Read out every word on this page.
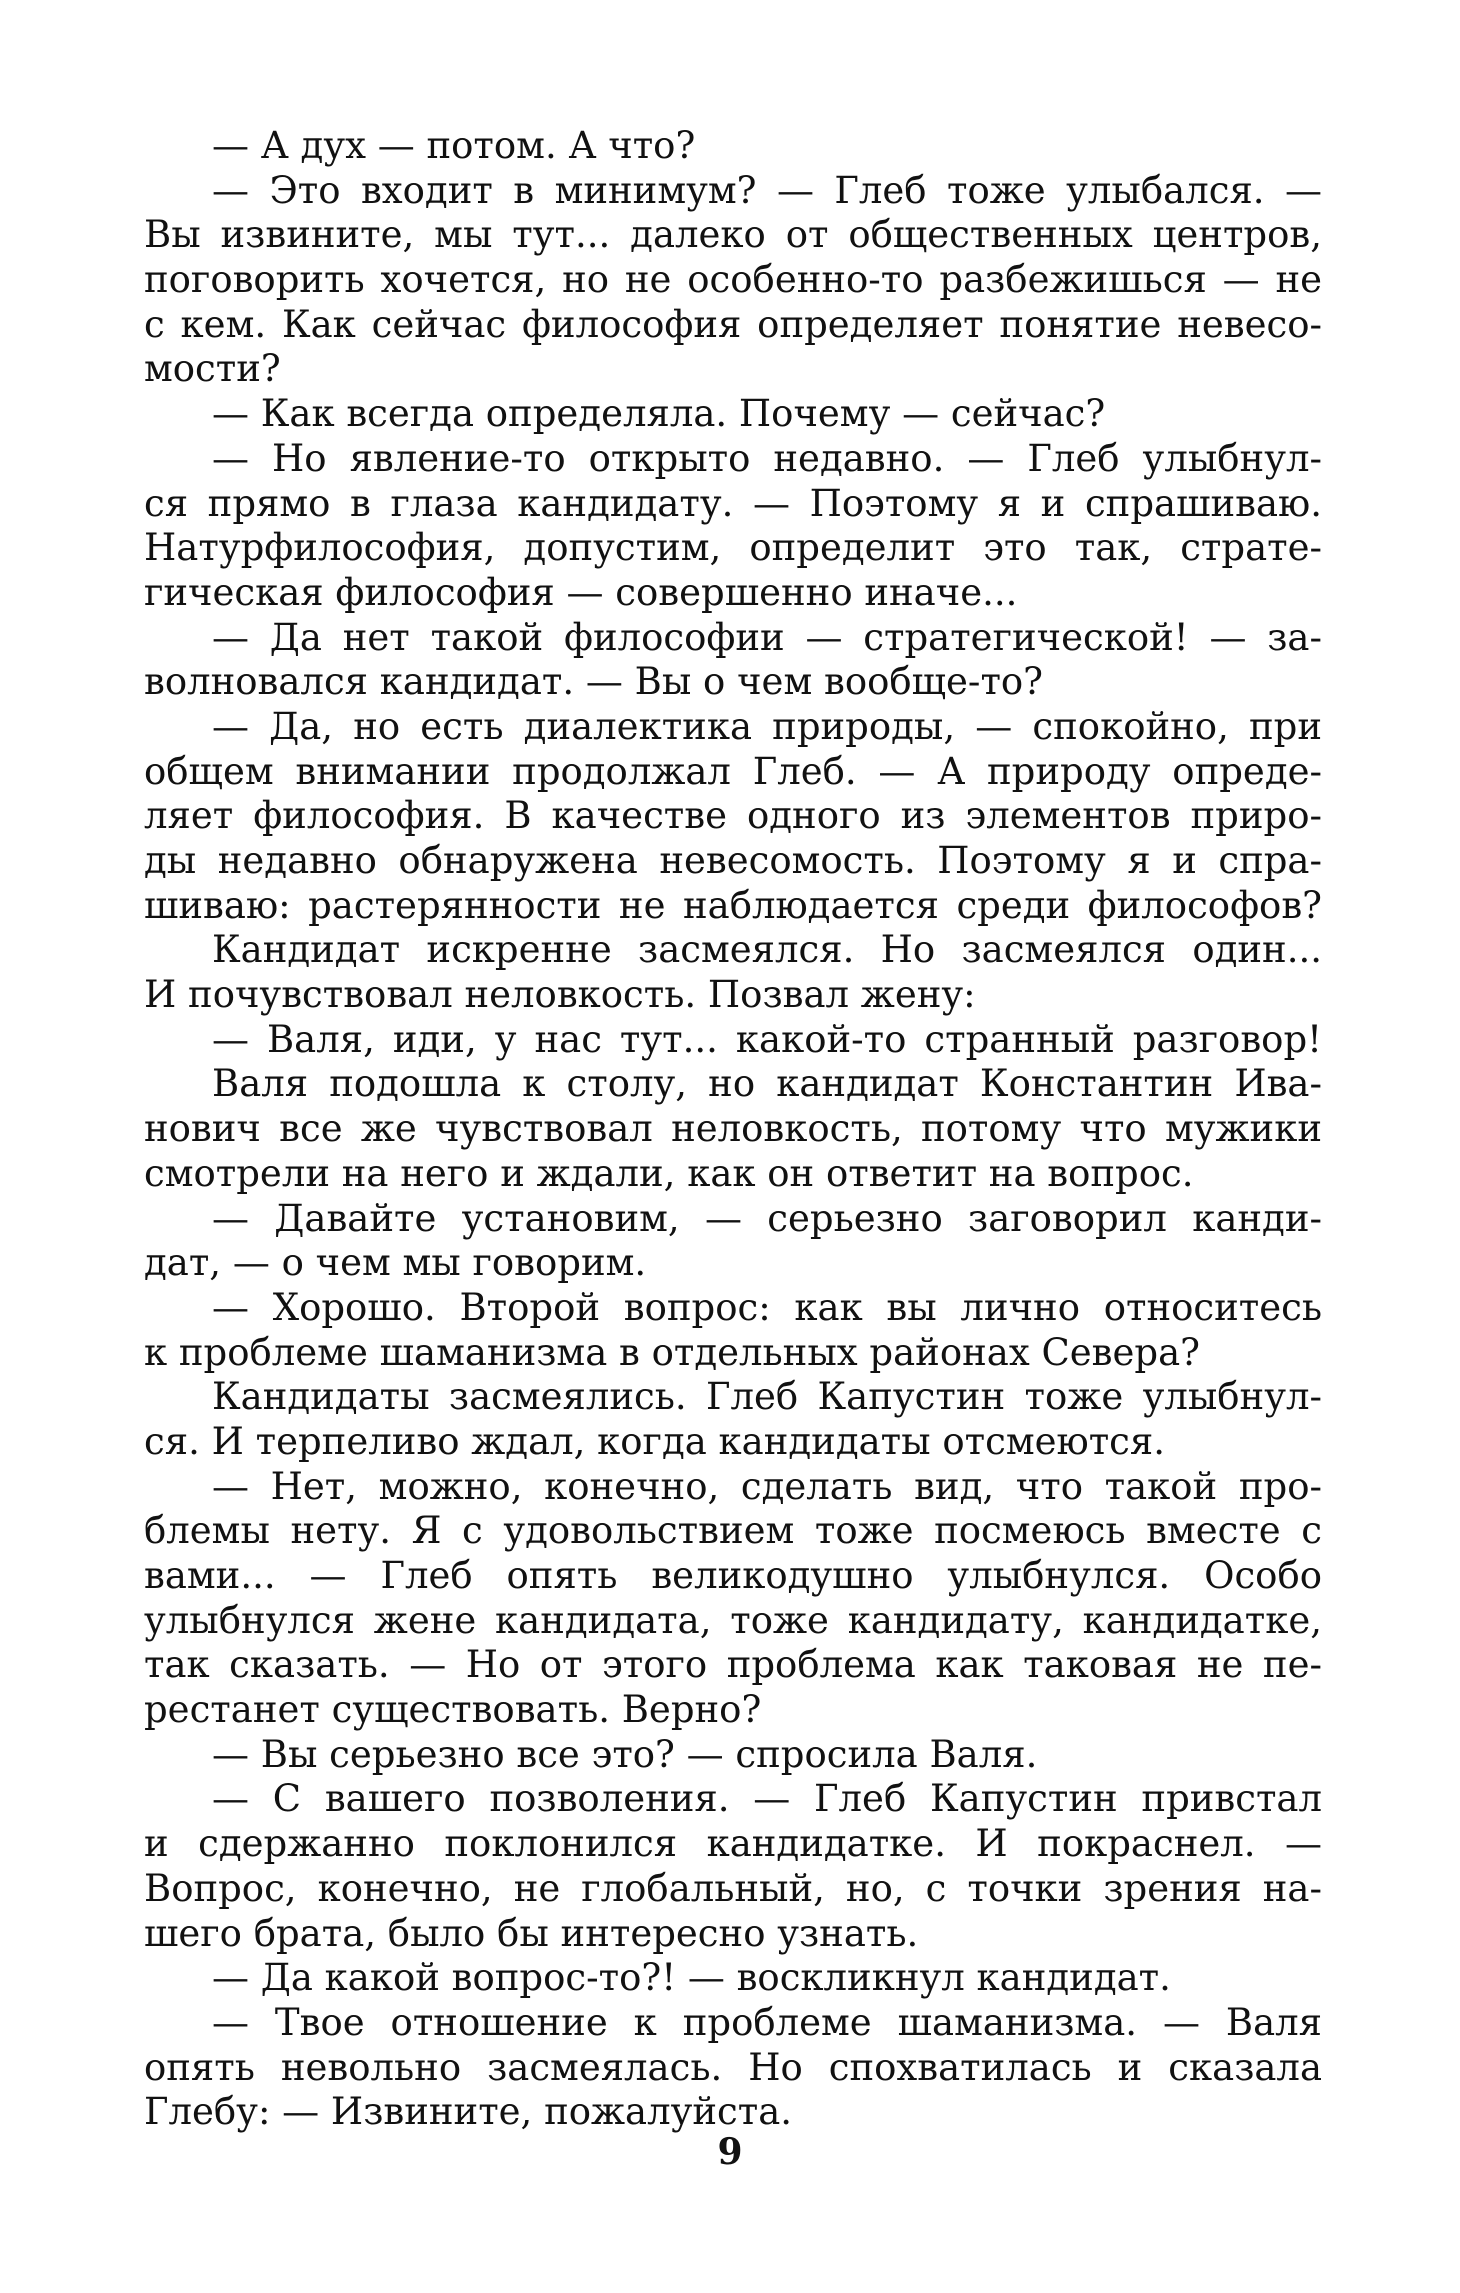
— А дух — потом. А что?
— Это входит в минимум? — Глеб тоже улыбался. —
Вы извините, мы тут... далеко от общественных центров,
поговорить хочется, но не особенно-то разбежишься — не
с кем. Как сейчас философия определяет понятие невесо-
мости?
— Как всегда определяла. Почему — сейчас?
— Но явление-то открыто недавно. — Глеб улыбнул-
ся прямо в глаза кандидату. — Поэтому я и спрашиваю.
Натурфилософия, допустим, определит это так, страте-
гическая философия — совершенно иначе...
— Да нет такой философии — стратегической! — за-
волновался кандидат. — Вы о чем вообще-то?
— Да, но есть диалектика природы, — спокойно, при
общем внимании продолжал Глеб. — А природу опреде-
ляет философия. В качестве одного из элементов приро-
ды недавно обнаружена невесомость. Поэтому я и спра-
шиваю: растерянности не наблюдается среди философов?
Кандидат искренне засмеялся. Но засмеялся один...
И почувствовал неловкость. Позвал жену:
— Валя, иди, у нас тут... какой-то странный разговор!
Валя подошла к столу, но кандидат Константин Ива-
нович все же чувствовал неловкость, потому что мужики
смотрели на него и ждали, как он ответит на вопрос.
— Давайте установим, — серьезно заговорил канди-
дат, — о чем мы говорим.
— Хорошо. Второй вопрос: как вы лично относитесь
к проблеме шаманизма в отдельных районах Севера?
Кандидаты засмеялись. Глеб Капустин тоже улыбнул-
ся. И терпеливо ждал, когда кандидаты отсмеются.
— Нет, можно, конечно, сделать вид, что такой про-
блемы нету. Я с удовольствием тоже посмеюсь вместе с
вами... — Глеб опять великодушно улыбнулся. Особо
улыбнулся жене кандидата, тоже кандидату, кандидатке,
так сказать. — Но от этого проблема как таковая не пе-
рестанет существовать. Верно?
— Вы серьезно все это? — спросила Валя.
— С вашего позволения. — Глеб Капустин привстал
и сдержанно поклонился кандидатке. И покраснел. —
Вопрос, конечно, не глобальный, но, с точки зрения на-
шего брата, было бы интересно узнать.
— Да какой вопрос-то?! — воскликнул кандидат.
— Твое отношение к проблеме шаманизма. — Валя
опять невольно засмеялась. Но спохватилась и сказала
Глебу: — Извините, пожалуйста.
9
